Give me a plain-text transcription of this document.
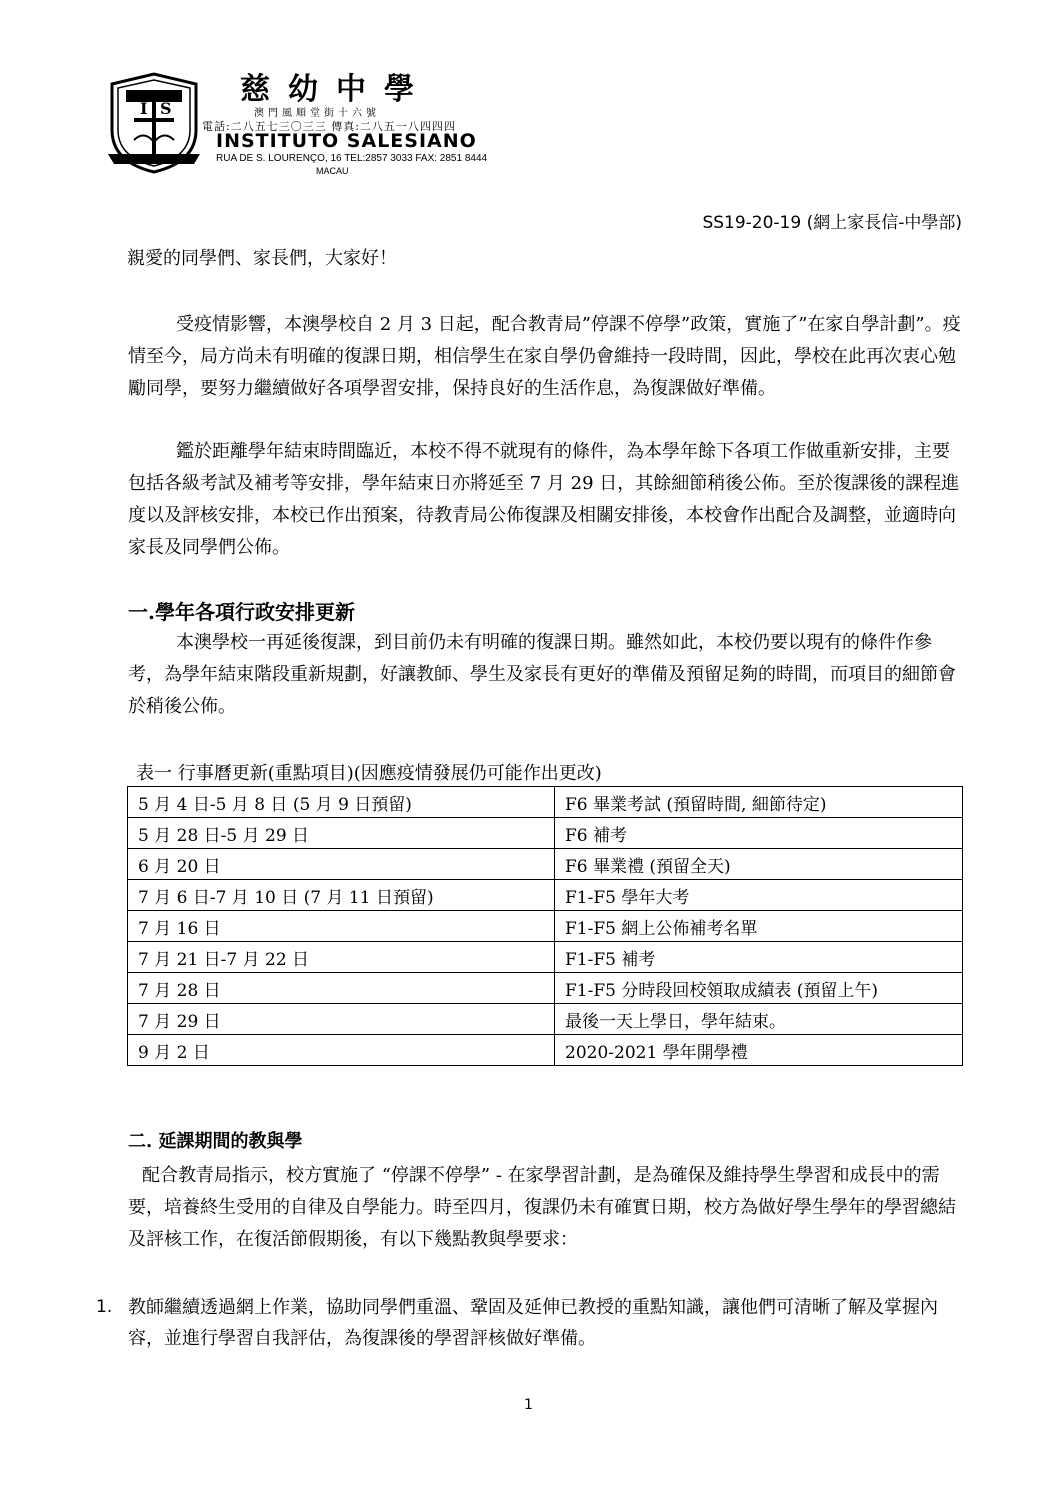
I S
慈幼中學
澳門風順堂街十六號
電話:二八五七三〇三三 傳真:二八五一八四四四
INSTITUTO SALESIANO
RUA DE S. LOURENÇO, 16 TEL:2857 3033 FAX: 2851 8444
MACAU
SS19-20-19 (網上家長信-中學部)
親愛的同學們、家長們，大家好！
受疫情影響，本澳學校自 2 月 3 日起，配合教青局”停課不停學”政策，實施了”在家自學計劃”。疫情至今，局方尚未有明確的復課日期，相信學生在家自學仍會維持一段時間，因此，學校在此再次衷心勉勵同學，要努力繼續做好各項學習安排，保持良好的生活作息，為復課做好準備。
鑑於距離學年結束時間臨近，本校不得不就現有的條件，為本學年餘下各項工作做重新安排，主要包括各級考試及補考等安排，學年結束日亦將延至 7 月 29 日，其餘細節稍後公佈。至於復課後的課程進度以及評核安排，本校已作出預案，待教青局公佈復課及相關安排後，本校會作出配合及調整，並適時向家長及同學們公佈。
一.學年各項行政安排更新
本澳學校一再延後復課，到目前仍未有明確的復課日期。雖然如此，本校仍要以現有的條件作參考，為學年結束階段重新規劃，好讓教師、學生及家長有更好的準備及預留足夠的時間，而項目的細節會於稍後公佈。
表一 行事曆更新(重點項目)(因應疫情發展仍可能作出更改)
5 月 4 日-5 月 8 日 (5 月 9 日預留)	F6 畢業考試 (預留時間, 細節待定)
5 月 28 日-5 月 29 日	F6 補考
6 月 20 日	F6 畢業禮 (預留全天)
7 月 6 日-7 月 10 日 (7 月 11 日預留)	F1-F5 學年大考
7 月 16 日	F1-F5 網上公佈補考名單
7 月 21 日-7 月 22 日	F1-F5 補考
7 月 28 日	F1-F5 分時段回校領取成績表 (預留上午)
7 月 29 日	最後一天上學日，學年結束。
9 月 2 日	2020-2021 學年開學禮
二. 延課期間的教與學
配合教青局指示，校方實施了 “停課不停學” - 在家學習計劃，是為確保及維持學生學習和成長中的需要，培養終生受用的自律及自學能力。時至四月，復課仍未有確實日期，校方為做好學生學年的學習總結及評核工作，在復活節假期後，有以下幾點教與學要求：
1. 教師繼續透過網上作業，協助同學們重溫、鞏固及延伸已教授的重點知識，讓他們可清晰了解及掌握內容，並進行學習自我評估，為復課後的學習評核做好準備。
1
